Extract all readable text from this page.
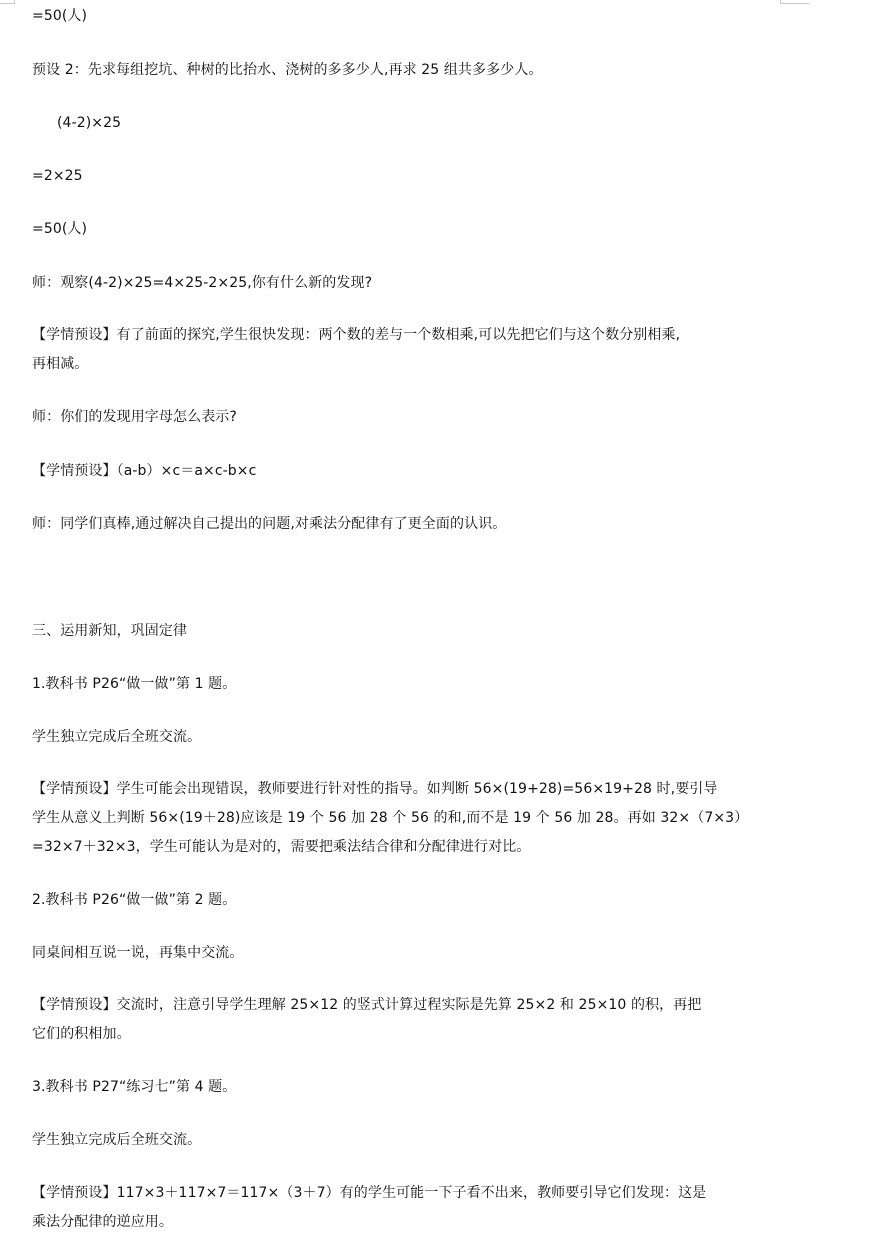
=50(人)

预设 2：先求每组挖坑、种树的比抬水、浇树的多多少人,再求 25 组共多多少人。

(4-2)×25

=2×25

=50(人)

师：观察(4-2)×25=4×25-2×25,你有什么新的发现?

【学情预设】有了前面的探究,学生很快发现：两个数的差与一个数相乘,可以先把它们与这个数分别相乘,

再相减。

师：你们的发现用字母怎么表示?

【学情预设】（a-b）×c＝a×c-b×c

师：同学们真棒,通过解决自己提出的问题,对乘法分配律有了更全面的认识。

三、运用新知，巩固定律

1.教科书 P26“做一做”第 1 题。

学生独立完成后全班交流。

【学情预设】学生可能会出现错误，教师要进行针对性的指导。如判断 56×(19+28)=56×19+28 时,要引导

学生从意义上判断 56×(19＋28)应该是 19 个 56 加 28 个 56 的和,而不是 19 个 56 加 28。再如 32×（7×3）

=32×7＋32×3，学生可能认为是对的，需要把乘法结合律和分配律进行对比。

2.教科书 P26“做一做”第 2 题。

同桌间相互说一说，再集中交流。

【学情预设】交流时，注意引导学生理解 25×12 的竖式计算过程实际是先算 25×2 和 25×10 的积，再把

它们的积相加。

3.教科书 P27“练习七”第 4 题。

学生独立完成后全班交流。

【学情预设】117×3＋117×7＝117×（3＋7）有的学生可能一下子看不出来，教师要引导它们发现：这是

乘法分配律的逆应用。
